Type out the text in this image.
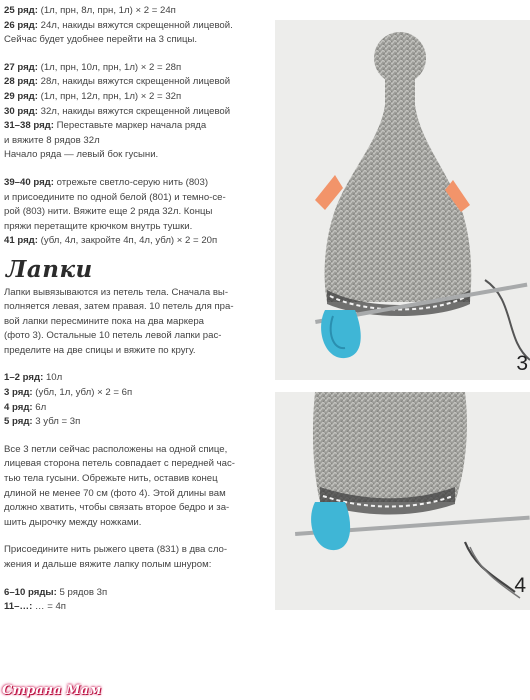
25 ряд: (1л, прн, 8л, прн, 1л) × 2 = 24п

26 ряд: 24л, накиды вяжутся скрещенной лицевой.

Сейчас будет удобнее перейти на 3 спицы.

27 ряд: (1л, прн, 10л, прн, 1л) × 2 = 28п

28 ряд: 28л, накиды вяжутся скрещенной лицевой

29 ряд: (1л, прн, 12л, прн, 1л) × 2 = 32п

30 ряд: 32л, накиды вяжутся скрещенной лицевой

31–38 ряд: Переставьте маркер начала ряда

и вяжите 8 рядов 32л

Начало ряда — левый бок гусыни.

39–40 ряд: отрежьте светло-серую нить (803)

и присоедините по одной белой (801) и темно-се-

рой (803) нити. Вяжите еще 2 ряда 32л. Концы

пряжи перетащите крючком внутрь тушки.

41 ряд: (убл, 4л, закройте 4п, 4л, убл) × 2 = 20п

Лапки

Лапки вывязываются из петель тела. Сначала вы-

полняется левая, затем правая. 10 петель для пра-

вой лапки пересмините пока на два маркера

(фото 3). Остальные 10 петель левой лапки рас-

пределите на две спицы и вяжите по кругу.

1–2 ряд: 10л

3 ряд: (убл, 1л, убл) × 2 = 6п

4 ряд: 6л

5 ряд: 3 убл = 3п

Все 3 петли сейчас расположены на одной спице,

лицевая сторона петель совпадает с передней час-

тью тела гусыни. Обрежьте нить, оставив конец

длиной не менее 70 см (фото 4). Этой длины вам

должно хватить, чтобы связать второе бедро и за-

шить дырочку между ножками.

Присоедините нить рыжего цвета (831) в два сло-

жения и дальше вяжите лапку полым шнуром:

6–10 ряды: 5 рядов 3п

11–…: … = 4п

3
4
Страна Мам
